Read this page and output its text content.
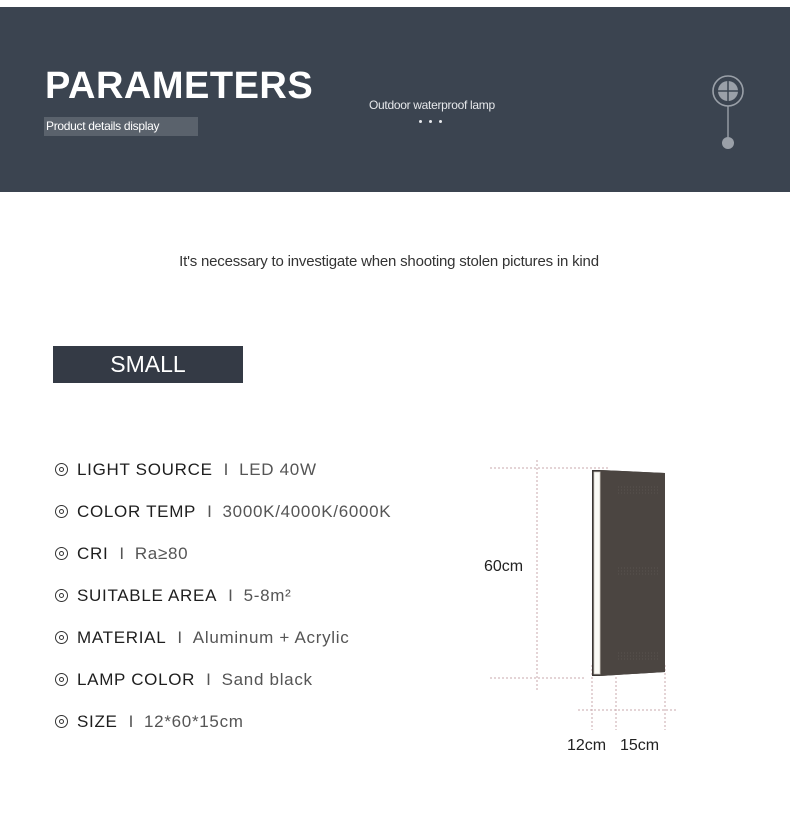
PARAMETERS
Product details display
Outdoor waterproof lamp
It's necessary to investigate when shooting stolen pictures in kind
SMALL
LIGHT SOURCE I LED 40W
COLOR TEMP I 3000K/4000K/6000K
CRI I Ra≥80
SUITABLE AREA I 5-8m²
MATERIAL I Aluminum + Acrylic
LAMP COLOR I Sand black
SIZE I 12*60*15cm
60cm
12cm 15cm
